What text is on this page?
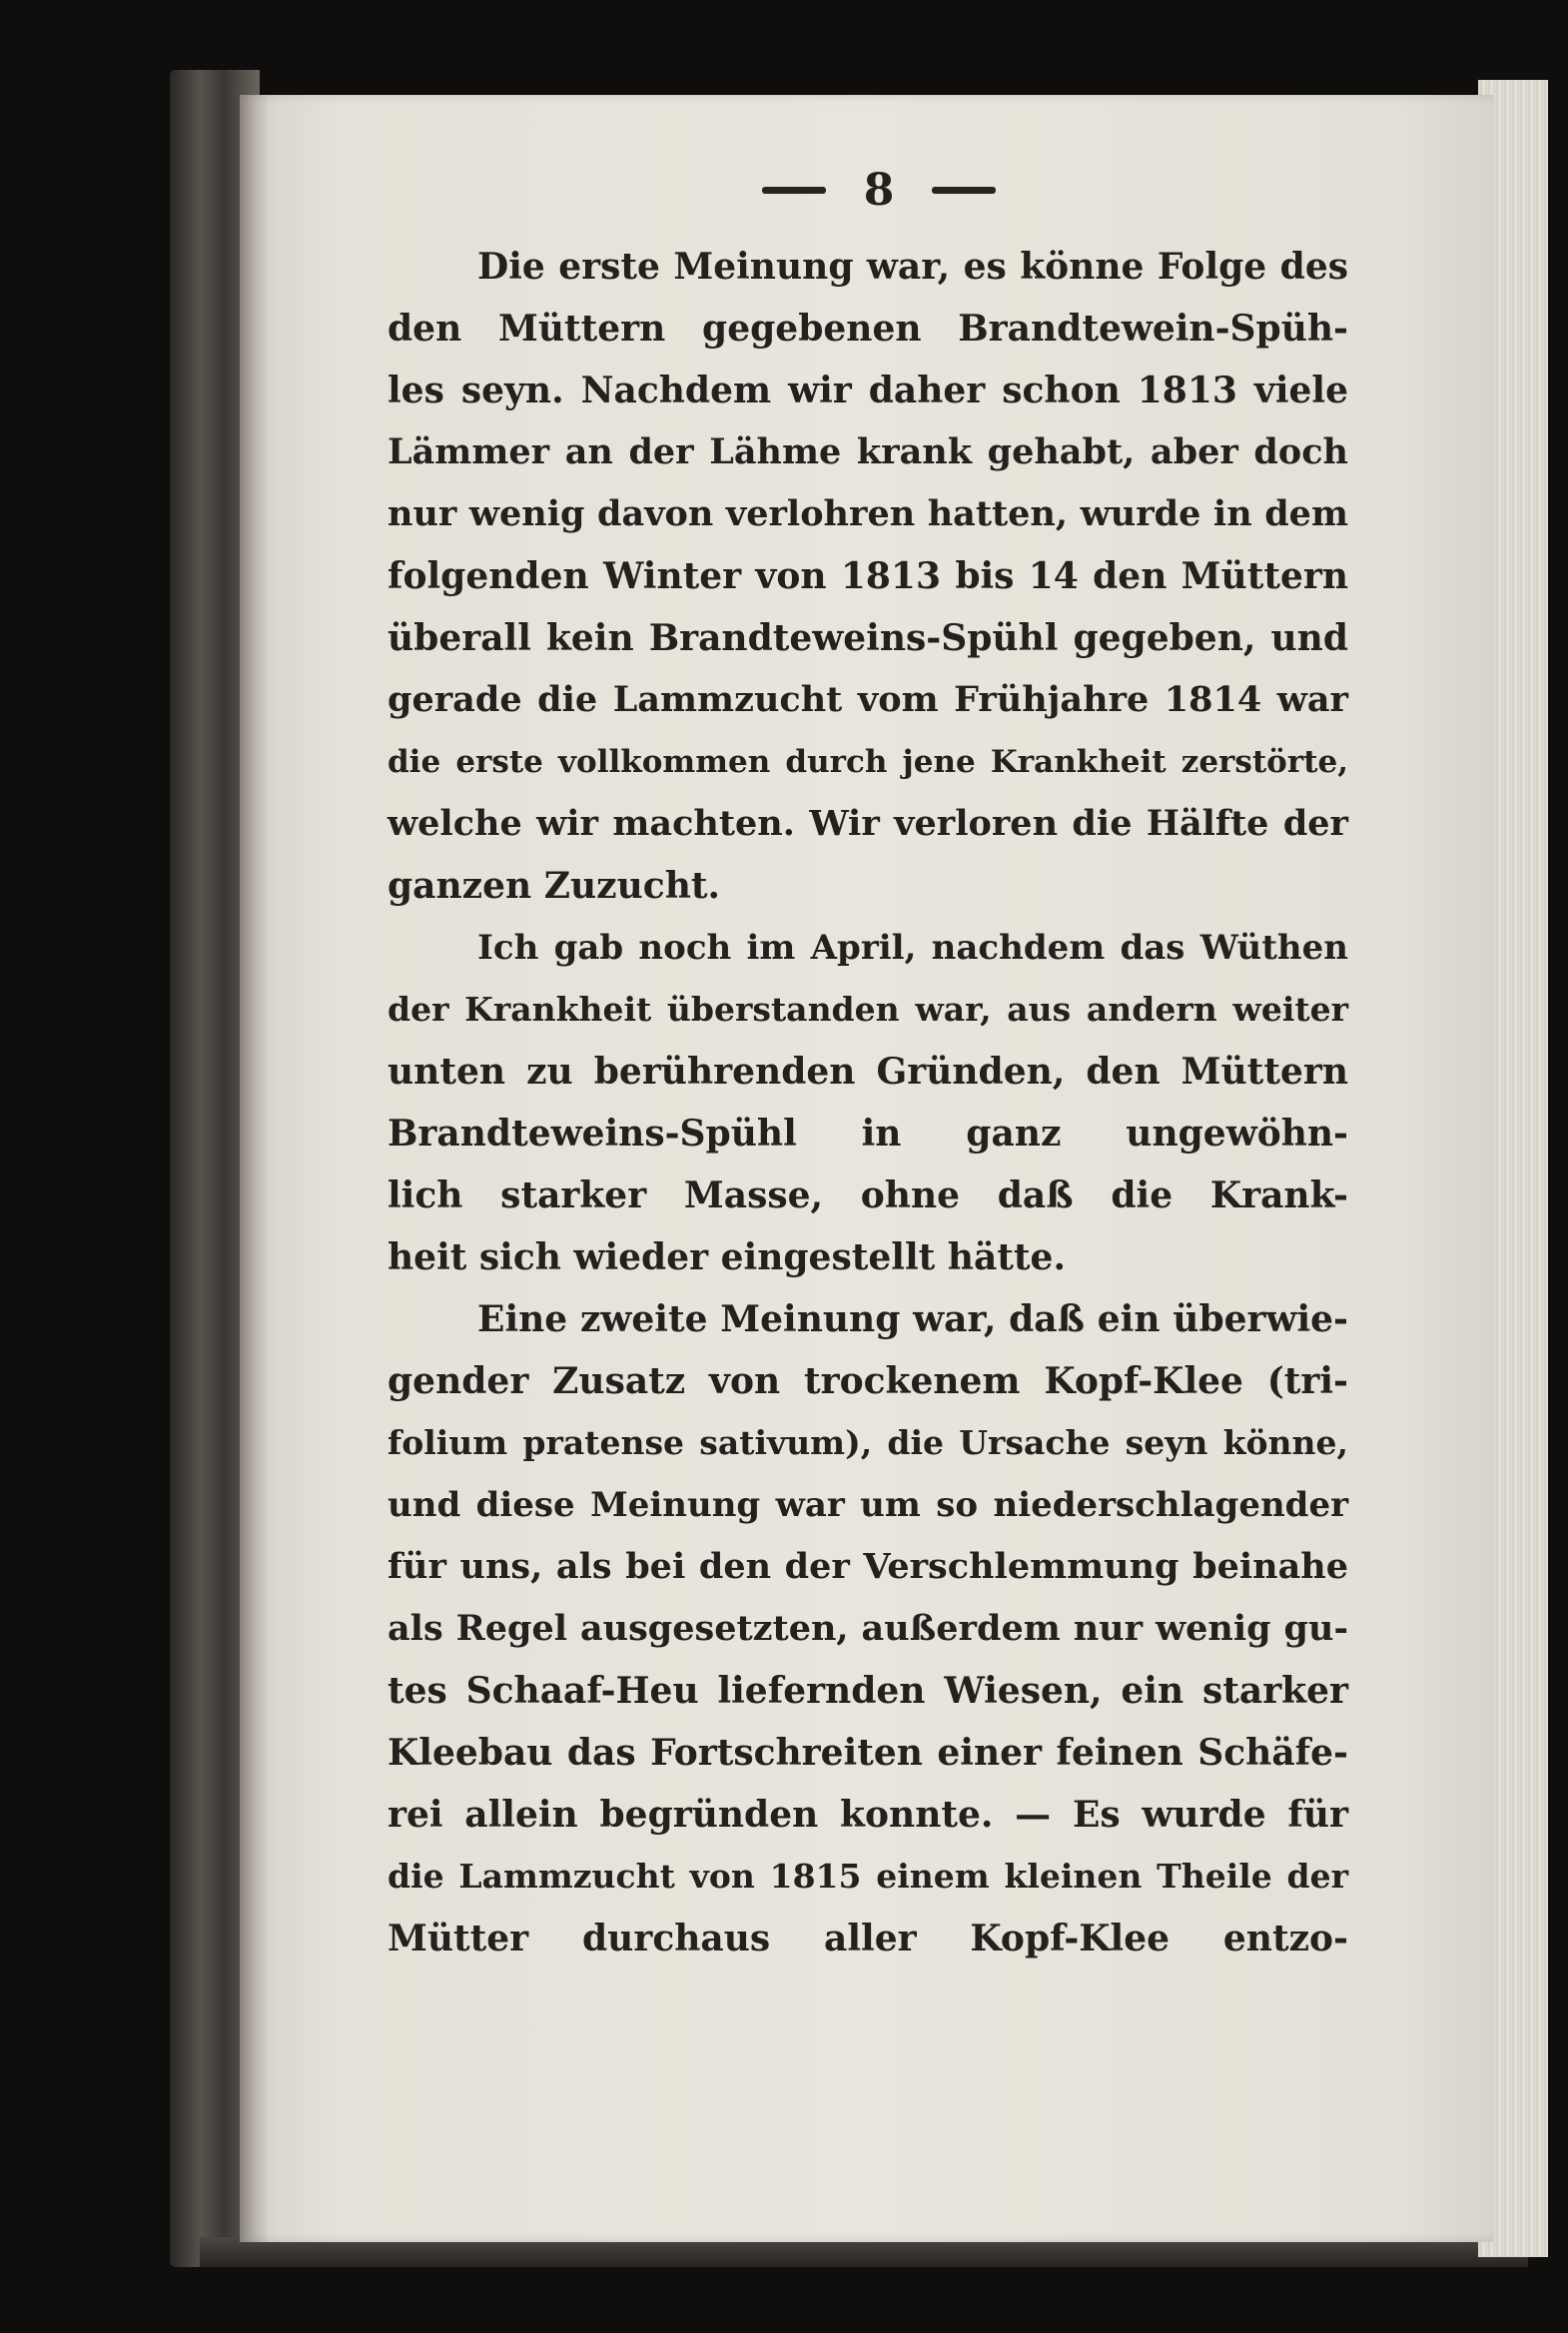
8
Die erste Meinung war, es könne Folge des
den Müttern gegebenen Brandtewein-Spüh-
les seyn. Nachdem wir daher schon 1813 viele
Lämmer an der Lähme krank gehabt, aber doch
nur wenig davon verlohren hatten, wurde in dem
folgenden Winter von 1813 bis 14 den Müttern
überall kein Brandteweins-Spühl gegeben, und
gerade die Lammzucht vom Frühjahre 1814 war
die erste vollkommen durch jene Krankheit zerstörte,
welche wir machten. Wir verloren die Hälfte der
ganzen Zuzucht.
Ich gab noch im April, nachdem das Wüthen
der Krankheit überstanden war, aus andern weiter
unten zu berührenden Gründen, den Müttern
Brandteweins-Spühl in ganz ungewöhn-
lich starker Masse, ohne daß die Krank-
heit sich wieder eingestellt hätte.
Eine zweite Meinung war, daß ein überwie-
gender Zusatz von trockenem Kopf-Klee (tri-
folium pratense sativum), die Ursache seyn könne,
und diese Meinung war um so niederschlagender
für uns, als bei den der Verschlemmung beinahe
als Regel ausgesetzten, außerdem nur wenig gu-
tes Schaaf-Heu liefernden Wiesen, ein starker
Kleebau das Fortschreiten einer feinen Schäfe-
rei allein begründen konnte. — Es wurde für
die Lammzucht von 1815 einem kleinen Theile der
Mütter durchaus aller Kopf-Klee entzo-
